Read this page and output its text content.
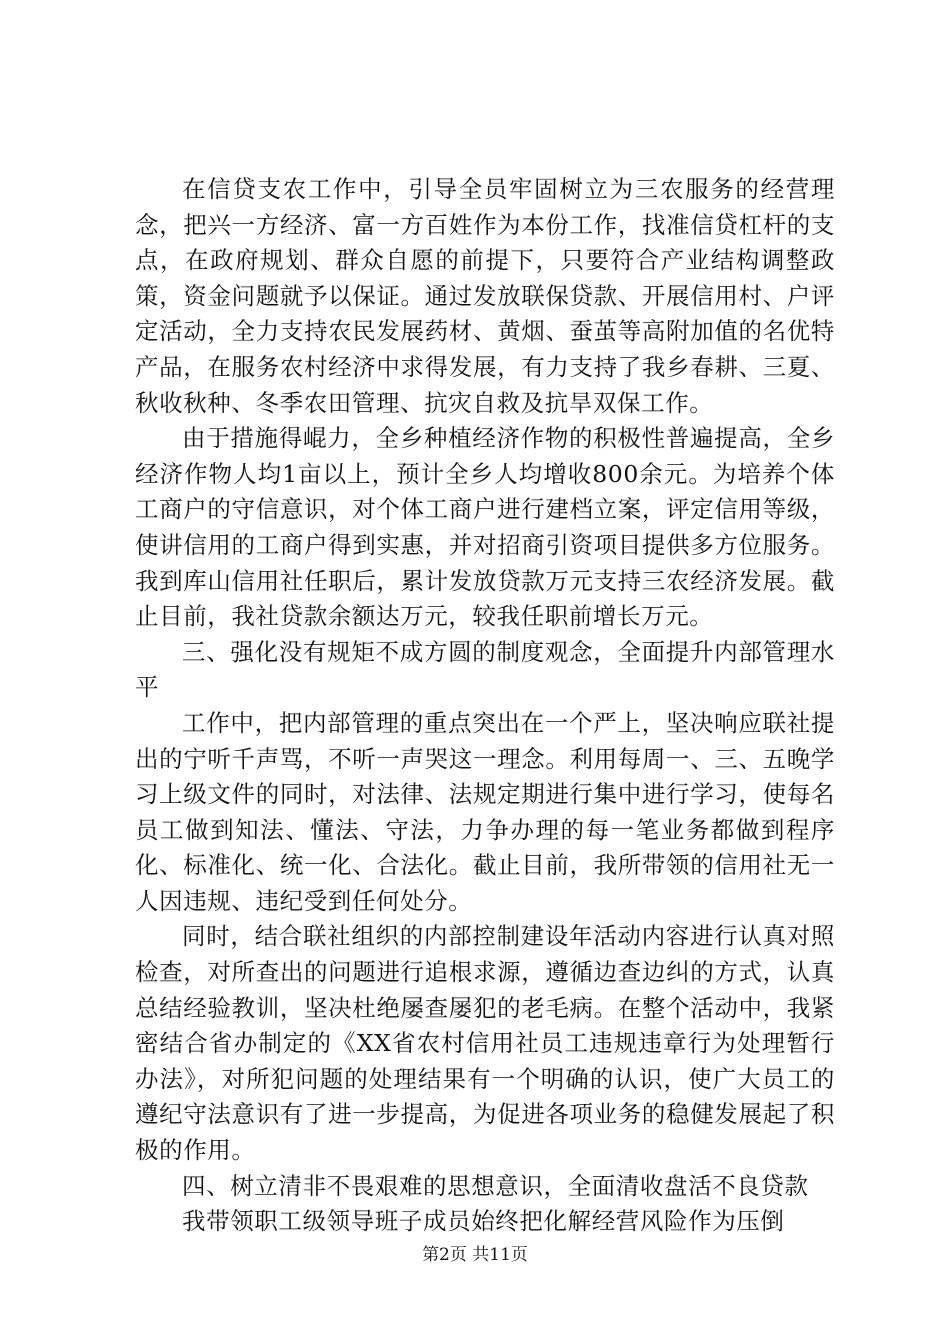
在信贷支农工作中，引导全员牢固树立为三农服务的经营理念，把兴一方经济、富一方百姓作为本份工作，找准信贷杠杆的支点，在政府规划、群众自愿的前提下，只要符合产业结构调整政策，资金问题就予以保证。通过发放联保贷款、开展信用村、户评定活动，全力支持农民发展药材、黄烟、蚕茧等高附加值的名优特产品，在服务农村经济中求得发展，有力支持了我乡春耕、三夏、秋收秋种、冬季农田管理、抗灾自救及抗旱双保工作。

由于措施得崐力，全乡种植经济作物的积极性普遍提高，全乡经济作物人均1亩以上，预计全乡人均增收800余元。为培养个体工商户的守信意识，对个体工商户进行建档立案，评定信用等级，使讲信用的工商户得到实惠，并对招商引资项目提供多方位服务。我到库山信用社任职后，累计发放贷款万元支持三农经济发展。截止目前，我社贷款余额达万元，较我任职前增长万元。

三、强化没有规矩不成方圆的制度观念，全面提升内部管理水平

工作中，把内部管理的重点突出在一个严上，坚决响应联社提出的宁听千声骂，不听一声哭这一理念。利用每周一、三、五晚学习上级文件的同时，对法律、法规定期进行集中进行学习，使每名员工做到知法、懂法、守法，力争办理的每一笔业务都做到程序化、标准化、统一化、合法化。截止目前，我所带领的信用社无一人因违规、违纪受到任何处分。

同时，结合联社组织的内部控制建设年活动内容进行认真对照检查，对所查出的问题进行追根求源，遵循边查边纠的方式，认真总结经验教训，坚决杜绝屡查屡犯的老毛病。在整个活动中，我紧密结合省办制定的《XX省农村信用社员工违规违章行为处理暂行办法》，对所犯问题的处理结果有一个明确的认识，使广大员工的遵纪守法意识有了进一步提高，为促进各项业务的稳健发展起了积极的作用。

四、树立清非不畏艰难的思想意识，全面清收盘活不良贷款

我带领职工级领导班子成员始终把化解经营风险作为压倒

第2页 共11页
